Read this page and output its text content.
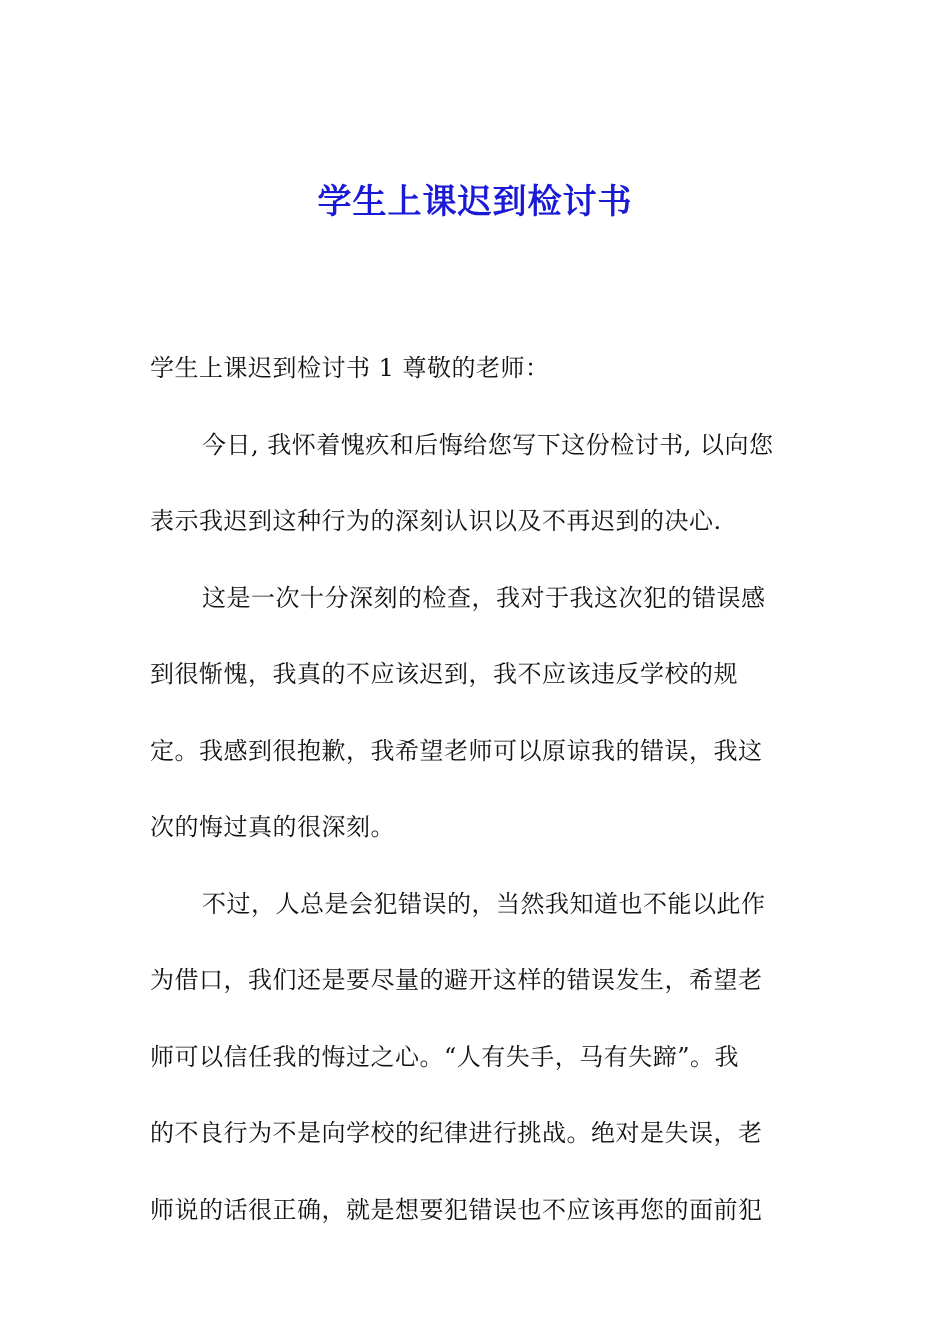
学生上课迟到检讨书
学生上课迟到检讨书 1 尊敬的老师：
今日, 我怀着愧疚和后悔给您写下这份检讨书, 以向您
表示我迟到这种行为的深刻认识以及不再迟到的决心.
这是一次十分深刻的检查，我对于我这次犯的错误感
到很惭愧，我真的不应该迟到，我不应该违反学校的规
定。我感到很抱歉，我希望老师可以原谅我的错误，我这
次的悔过真的很深刻。
不过，人总是会犯错误的，当然我知道也不能以此作
为借口，我们还是要尽量的避开这样的错误发生，希望老
师可以信任我的悔过之心。“人有失手，马有失蹄”。我
的不良行为不是向学校的纪律进行挑战。绝对是失误，老
师说的话很正确，就是想要犯错误也不应该再您的面前犯
